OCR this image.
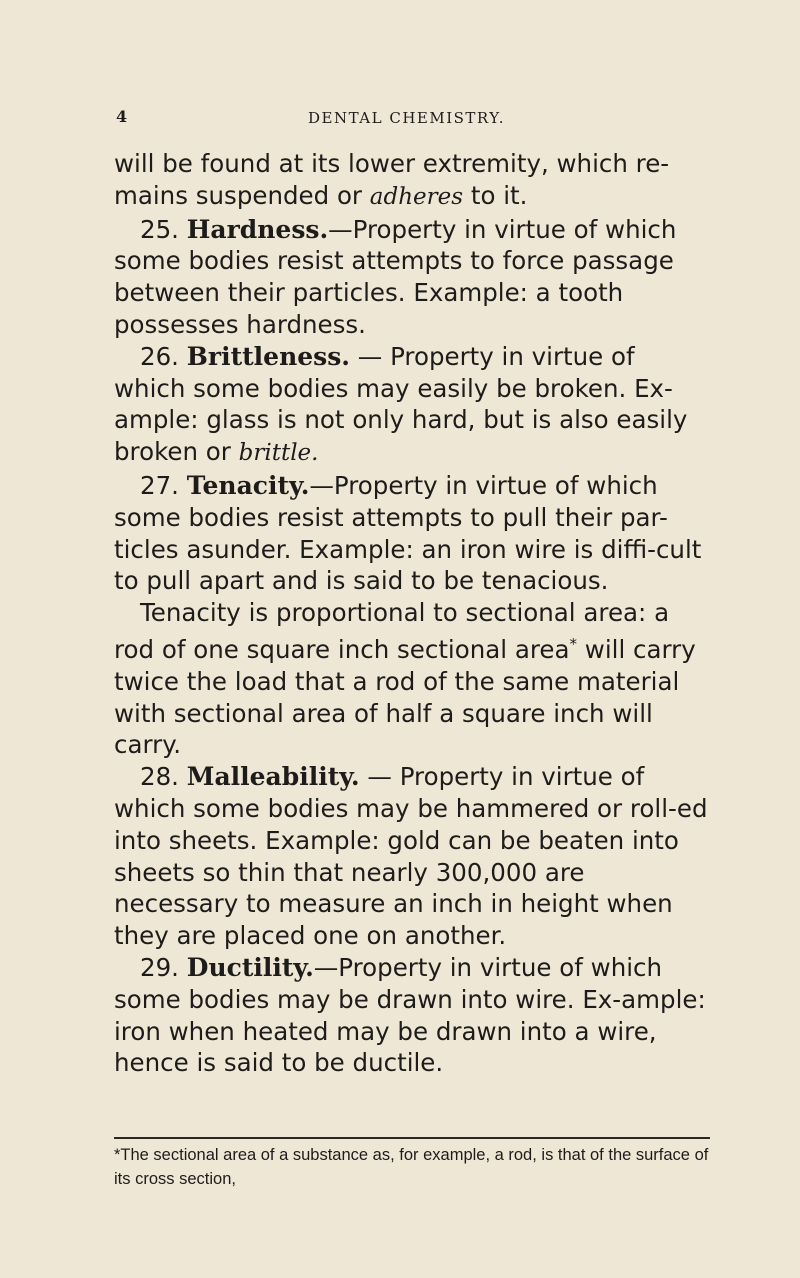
4	DENTAL CHEMISTRY.

will be found at its lower extremity, which re-mains suspended or adheres to it.

25. Hardness.—Property in virtue of which some bodies resist attempts to force passage between their particles. Example: a tooth possesses hardness.

26. Brittleness. — Property in virtue of which some bodies may easily be broken. Ex-ample: glass is not only hard, but is also easily broken or brittle.

27. Tenacity.—Property in virtue of which some bodies resist attempts to pull their par-ticles asunder. Example: an iron wire is diffi-cult to pull apart and is said to be tenacious.

Tenacity is proportional to sectional area: a rod of one square inch sectional area* will carry twice the load that a rod of the same material with sectional area of half a square inch will carry.

28. Malleability. — Property in virtue of which some bodies may be hammered or roll-ed into sheets. Example: gold can be beaten into sheets so thin that nearly 300,000 are necessary to measure an inch in height when they are placed one on another.

29. Ductility.—Property in virtue of which some bodies may be drawn into wire. Ex-ample: iron when heated may be drawn into a wire, hence is said to be ductile.

*The sectional area of a substance as, for example, a rod, is that of the surface of its cross section,
